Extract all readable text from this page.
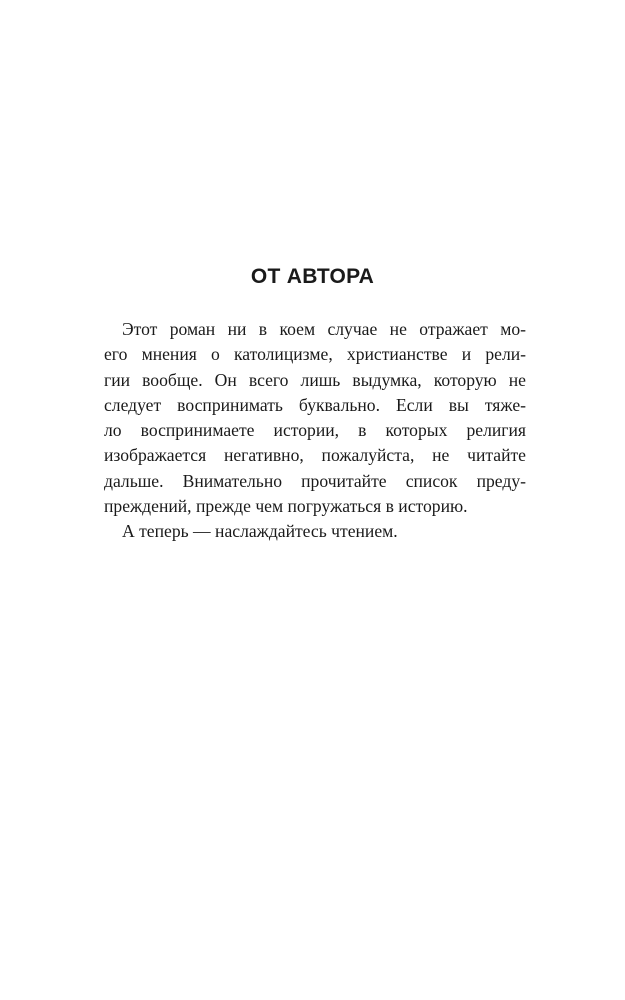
ОТ АВТОРА
Этот роман ни в коем случае не отражает мо-
его мнения о католицизме, христианстве и рели-
гии вообще. Он всего лишь выдумка, которую не
следует воспринимать буквально. Если вы тяже-
ло воспринимаете истории, в которых религия
изображается негативно, пожалуйста, не читайте
дальше. Внимательно прочитайте список преду-
преждений, прежде чем погружаться в историю.
А теперь — наслаждайтесь чтением.
